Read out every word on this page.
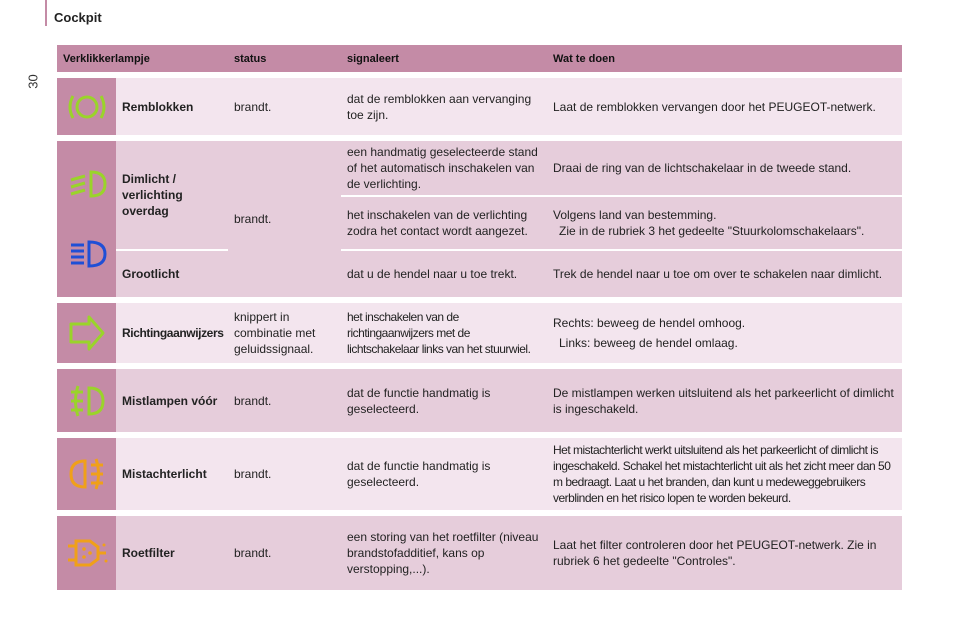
Cockpit
30
Verklikkerlampje		status	signaleert	Wat te doen

	Remblokken	brandt.	dat de remblokken aan vervanging toe zijn.	Laat de remblokken vervangen door het PEUGEOT-netwerk.

	Dimlicht / verlichting overdag	brandt.	een handmatig geselecteerde stand of het automatisch inschakelen van de verlichting.	Draai de ring van de lichtschakelaar in de tweede stand.
			het inschakelen van de verlichting zodra het contact wordt aangezet.	Volgens land van bestemming.
Zie in de rubriek 3 het gedeelte "Stuurkolomschakelaars".

	Grootlicht		dat u de hendel naar u toe trekt.	Trek de hendel naar u toe om over te schakelen naar dimlicht.

	Richtingaanwijzers	knippert in combinatie met geluidssignaal.	het inschakelen van de richtingaanwijzers met de lichtschakelaar links van het stuurwiel.	Rechts: beweeg de hendel omhoog.
Links: beweeg de hendel omlaag.

	Mistlampen vóór	brandt.	dat de functie handmatig is geselecteerd.	De mistlampen werken uitsluitend als het parkeerlicht of dimlicht is ingeschakeld.

	Mistachterlicht	brandt.	dat de functie handmatig is geselecteerd.	Het mistachterlicht werkt uitsluitend als het parkeerlicht of dimlicht is ingeschakeld. Schakel het mistachterlicht uit als het zicht meer dan 50 m bedraagt. Laat u het branden, dan kunt u medeweggebruikers verblinden en het risico lopen te worden bekeurd.

	Roetfilter	brandt.	een storing van het roetfilter (niveau brandstofadditief, kans op verstopping,...).	Laat het filter controleren door het PEUGEOT-netwerk. Zie in rubriek 6 het gedeelte "Controles".
